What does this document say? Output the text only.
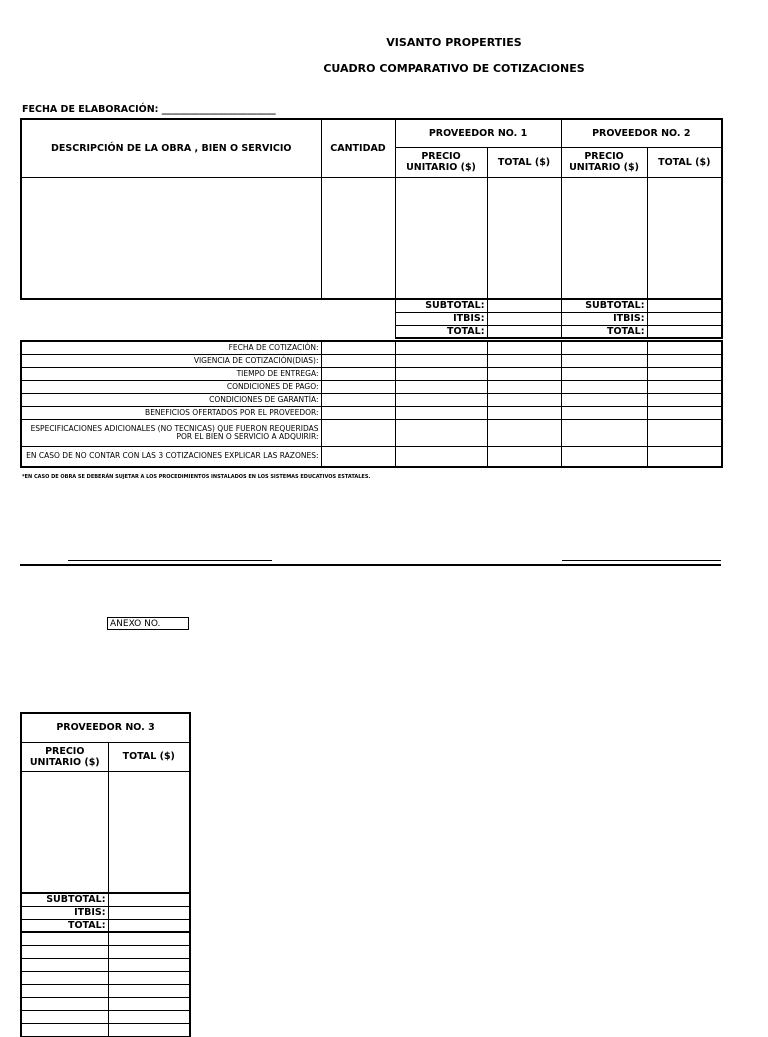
VISANTO PROPERTIES
CUADRO COMPARATIVO DE COTIZACIONES
FECHA DE ELABORACIÓN: ________________________
DESCRIPCIÓN DE LA OBRA , BIEN O SERVICIO	CANTIDAD	PROVEEDOR NO. 1		PROVEEDOR NO. 2	
		PRECIO UNITARIO ($)	TOTAL ($)	PRECIO UNITARIO ($)	TOTAL ($)

		SUBTOTAL:		SUBTOTAL:	
		ITBIS:		ITBIS:	
		TOTAL:		TOTAL:	
FECHA DE COTIZACIÓN:					
VIGENCIA DE COTIZACIÓN(DIAS):					
TIEMPO DE ENTREGA:					
CONDICIONES DE PAGO:					
CONDICIONES DE GARANTÍA:					
BENEFICIOS OFERTADOS POR EL PROVEEDOR:					
ESPECIFICACIONES ADICIONALES (NO TECNICAS) QUE FUERON REQUERIDAS POR EL BIEN O SERVICIO A ADQUIRIR:					
EN CASO DE NO CONTAR CON LAS 3 COTIZACIONES EXPLICAR LAS RAZONES:					
*EN CASO DE OBRA SE DEBERÁN SUJETAR A LOS PROCEDIMIENTOS INSTALADOS EN LOS SISTEMAS EDUCATIVOS ESTATALES.
ANEXO NO.
PROVEEDOR NO. 3	
PRECIO UNITARIO ($)	TOTAL ($)

SUBTOTAL:	
ITBIS:	
TOTAL:	
